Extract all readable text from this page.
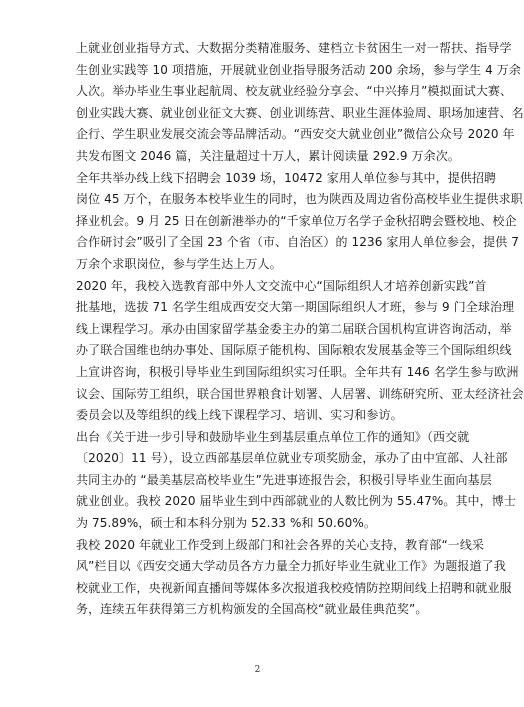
上就业创业指导方式、大数据分类精准服务、建档立卡贫困生一对一帮扶、指导学
生创业实践等 10 项措施，开展就业创业指导服务活动 200 余场，参与学生 4 万余
人次。举办毕业生事业起航周、校友就业经验分享会、“中兴捧月”模拟面试大赛、
创业实践大赛、就业创业征文大赛、创业训练营、职业生涯体验周、职场加速营、名
企行、学生职业发展交流会等品牌活动。“西安交大就业创业”微信公众号 2020 年
共发布图文 2046 篇，关注量超过十万人，累计阅读量 292.9 万余次。
全年共举办线上线下招聘会 1039 场，10472 家用人单位参与其中，提供招聘
岗位 45 万个，在服务本校毕业生的同时，也为陕西及周边省份高校毕业生提供求职
择业机会。9 月 25 日在创新港举办的“千家单位万名学子金秋招聘会暨校地、校企
合作研讨会”吸引了全国 23 个省（市、自治区）的 1236 家用人单位参会，提供 7
万余个求职岗位，参与学生达上万人。
2020 年，我校入选教育部中外人文交流中心“国际组织人才培养创新实践”首
批基地，选拔 71 名学生组成西安交大第一期国际组织人才班，参与 9 门全球治理
线上课程学习。承办由国家留学基金委主办的第二届联合国机构宣讲咨询活动，举
办了联合国维也纳办事处、国际原子能机构、国际粮农发展基金等三个国际组织线
上宣讲咨询，积极引导毕业生到国际组织实习任职。全年共有 146 名学生参与欧洲
议会、国际劳工组织，联合国世界粮食计划署、人居署、训练研究所、亚太经济社会
委员会以及等组织的线上线下课程学习、培训、实习和参访。
出台《关于进一步引导和鼓励毕业生到基层重点单位工作的通知》（西交就
〔2020〕11 号），设立西部基层单位就业专项奖励金，承办了由中宣部、人社部
共同主办的 “最美基层高校毕业生”先进事迹报告会，积极引导毕业生面向基层
就业创业。我校 2020 届毕业生到中西部就业的人数比例为 55.47%。其中，博士
为 75.89%，硕士和本科分别为 52.33 %和 50.60%。
我校 2020 年就业工作受到上级部门和社会各界的关心支持，教育部“一线采
风”栏目以《西安交通大学动员各方力量全力抓好毕业生就业工作》为题报道了我
校就业工作，央视新闻直播间等媒体多次报道我校疫情防控期间线上招聘和就业服
务，连续五年获得第三方机构颁发的全国高校“就业最佳典范奖”。
2
